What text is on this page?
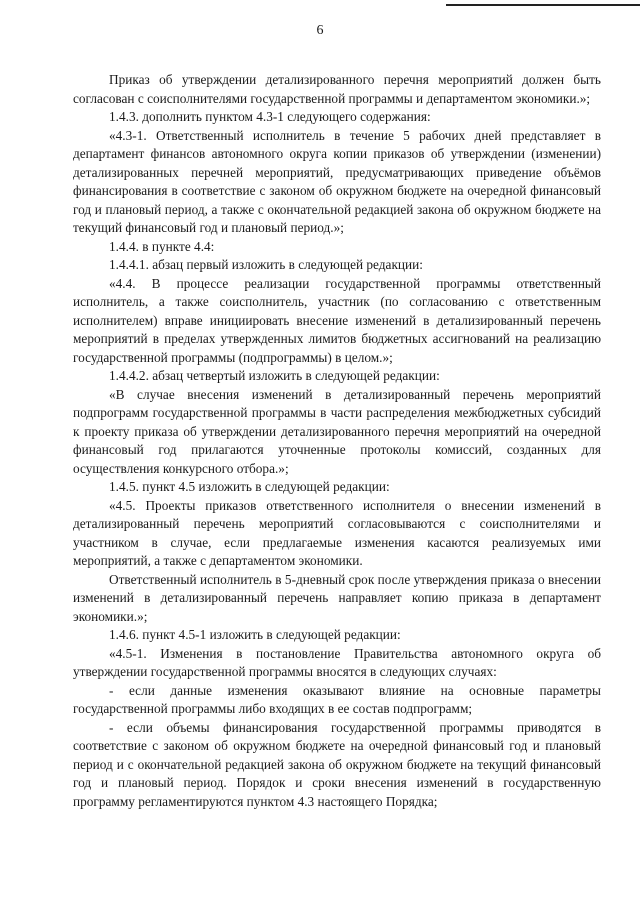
6

Приказ об утверждении детализированного перечня мероприятий должен быть согласован с соисполнителями государственной программы и департаментом экономики.»;

1.4.3. дополнить пунктом 4.3-1 следующего содержания:

«4.3-1. Ответственный исполнитель в течение 5 рабочих дней представляет в департамент финансов автономного округа копии приказов об утверждении (изменении) детализированных перечней мероприятий, предусматривающих приведение объёмов финансирования в соответствие с законом об окружном бюджете на очередной финансовый год и плановый период, а также с окончательной редакцией закона об окружном бюджете на текущий финансовый год и плановый период.»;

1.4.4. в пункте 4.4:

1.4.4.1. абзац первый изложить в следующей редакции:

«4.4. В процессе реализации государственной программы ответственный исполнитель, а также соисполнитель, участник (по согласованию с ответственным исполнителем) вправе инициировать внесение изменений в детализированный перечень мероприятий в пределах утвержденных лимитов бюджетных ассигнований на реализацию государственной программы (подпрограммы) в целом.»;

1.4.4.2. абзац четвертый изложить в следующей редакции:

«В случае внесения изменений в детализированный перечень мероприятий подпрограмм государственной программы в части распределения межбюджетных субсидий к проекту приказа об утверждении детализированного перечня мероприятий на очередной финансовый год прилагаются уточненные протоколы комиссий, созданных для осуществления конкурсного отбора.»;

1.4.5. пункт 4.5 изложить в следующей редакции:

«4.5. Проекты приказов ответственного исполнителя о внесении изменений в детализированный перечень мероприятий согласовываются с соисполнителями и участником в случае, если предлагаемые изменения касаются реализуемых ими мероприятий, а также с департаментом экономики.

Ответственный исполнитель в 5-дневный срок после утверждения приказа о внесении изменений в детализированный перечень направляет копию приказа в департамент экономики.»;

1.4.6. пункт 4.5-1 изложить в следующей редакции:

«4.5-1. Изменения в постановление Правительства автономного округа об утверждении государственной программы вносятся в следующих случаях:

- если данные изменения оказывают влияние на основные параметры государственной программы либо входящих в ее состав подпрограмм;

- если объемы финансирования государственной программы приводятся в соответствие с законом об окружном бюджете на очередной финансовый год и плановый период и с окончательной редакцией закона об окружном бюджете на текущий финансовый год и плановый период. Порядок и сроки внесения изменений в государственную программу регламентируются пунктом 4.3 настоящего Порядка;
